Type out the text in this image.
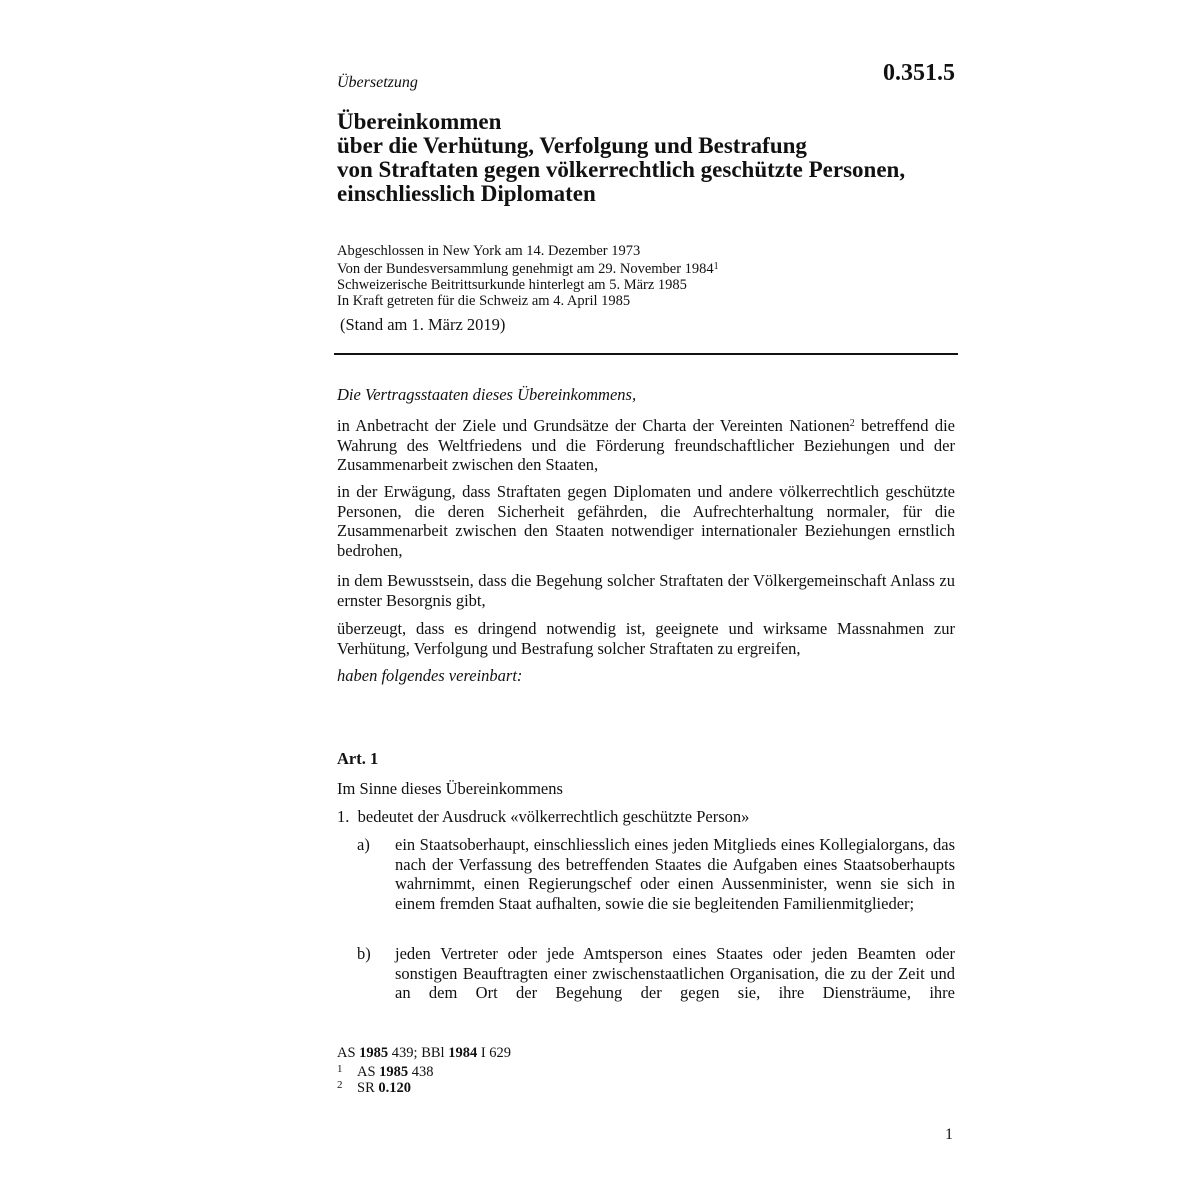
Übersetzung	0.351.5
Übereinkommen
über die Verhütung, Verfolgung und Bestrafung
von Straftaten gegen völkerrechtlich geschützte Personen,
einschliesslich Diplomaten
Abgeschlossen in New York am 14. Dezember 1973
Von der Bundesversammlung genehmigt am 29. November 1984$^1$
Schweizerische Beitrittsurkunde hinterlegt am 5. März 1985
In Kraft getreten für die Schweiz am 4. April 1985
(Stand am 1. März 2019)
Die Vertragsstaaten dieses Übereinkommens,
in Anbetracht der Ziele und Grundsätze der Charta der Vereinten Nationen$^2$ betreffend die Wahrung des Weltfriedens und die Förderung freundschaftlicher Beziehungen und der Zusammenarbeit zwischen den Staaten,
in der Erwägung, dass Straftaten gegen Diplomaten und andere völkerrechtlich geschützte Personen, die deren Sicherheit gefährden, die Aufrechterhaltung normaler, für die Zusammenarbeit zwischen den Staaten notwendiger internationaler Beziehungen ernstlich bedrohen,
in dem Bewusstsein, dass die Begehung solcher Straftaten der Völkergemeinschaft Anlass zu ernster Besorgnis gibt,
überzeugt, dass es dringend notwendig ist, geeignete und wirksame Massnahmen zur Verhütung, Verfolgung und Bestrafung solcher Straftaten zu ergreifen,
haben folgendes vereinbart:
Art. 1
Im Sinne dieses Übereinkommens
1.  bedeutet der Ausdruck «völkerrechtlich geschützte Person»
a) ein Staatsoberhaupt, einschliesslich eines jeden Mitglieds eines Kollegialorgans, das nach der Verfassung des betreffenden Staates die Aufgaben eines Staatsoberhaupts wahrnimmt, einen Regierungschef oder einen Aussenminister, wenn sie sich in einem fremden Staat aufhalten, sowie die sie begleitenden Familienmitglieder;
b) jeden Vertreter oder jede Amtsperson eines Staates oder jeden Beamten oder sonstigen Beauftragten einer zwischenstaatlichen Organisation, die zu der Zeit und an dem Ort der Begehung der gegen sie, ihre Diensträume, ihre
AS 1985 439; BBl 1984 I 629
1 AS 1985 438
2 SR 0.120
1
